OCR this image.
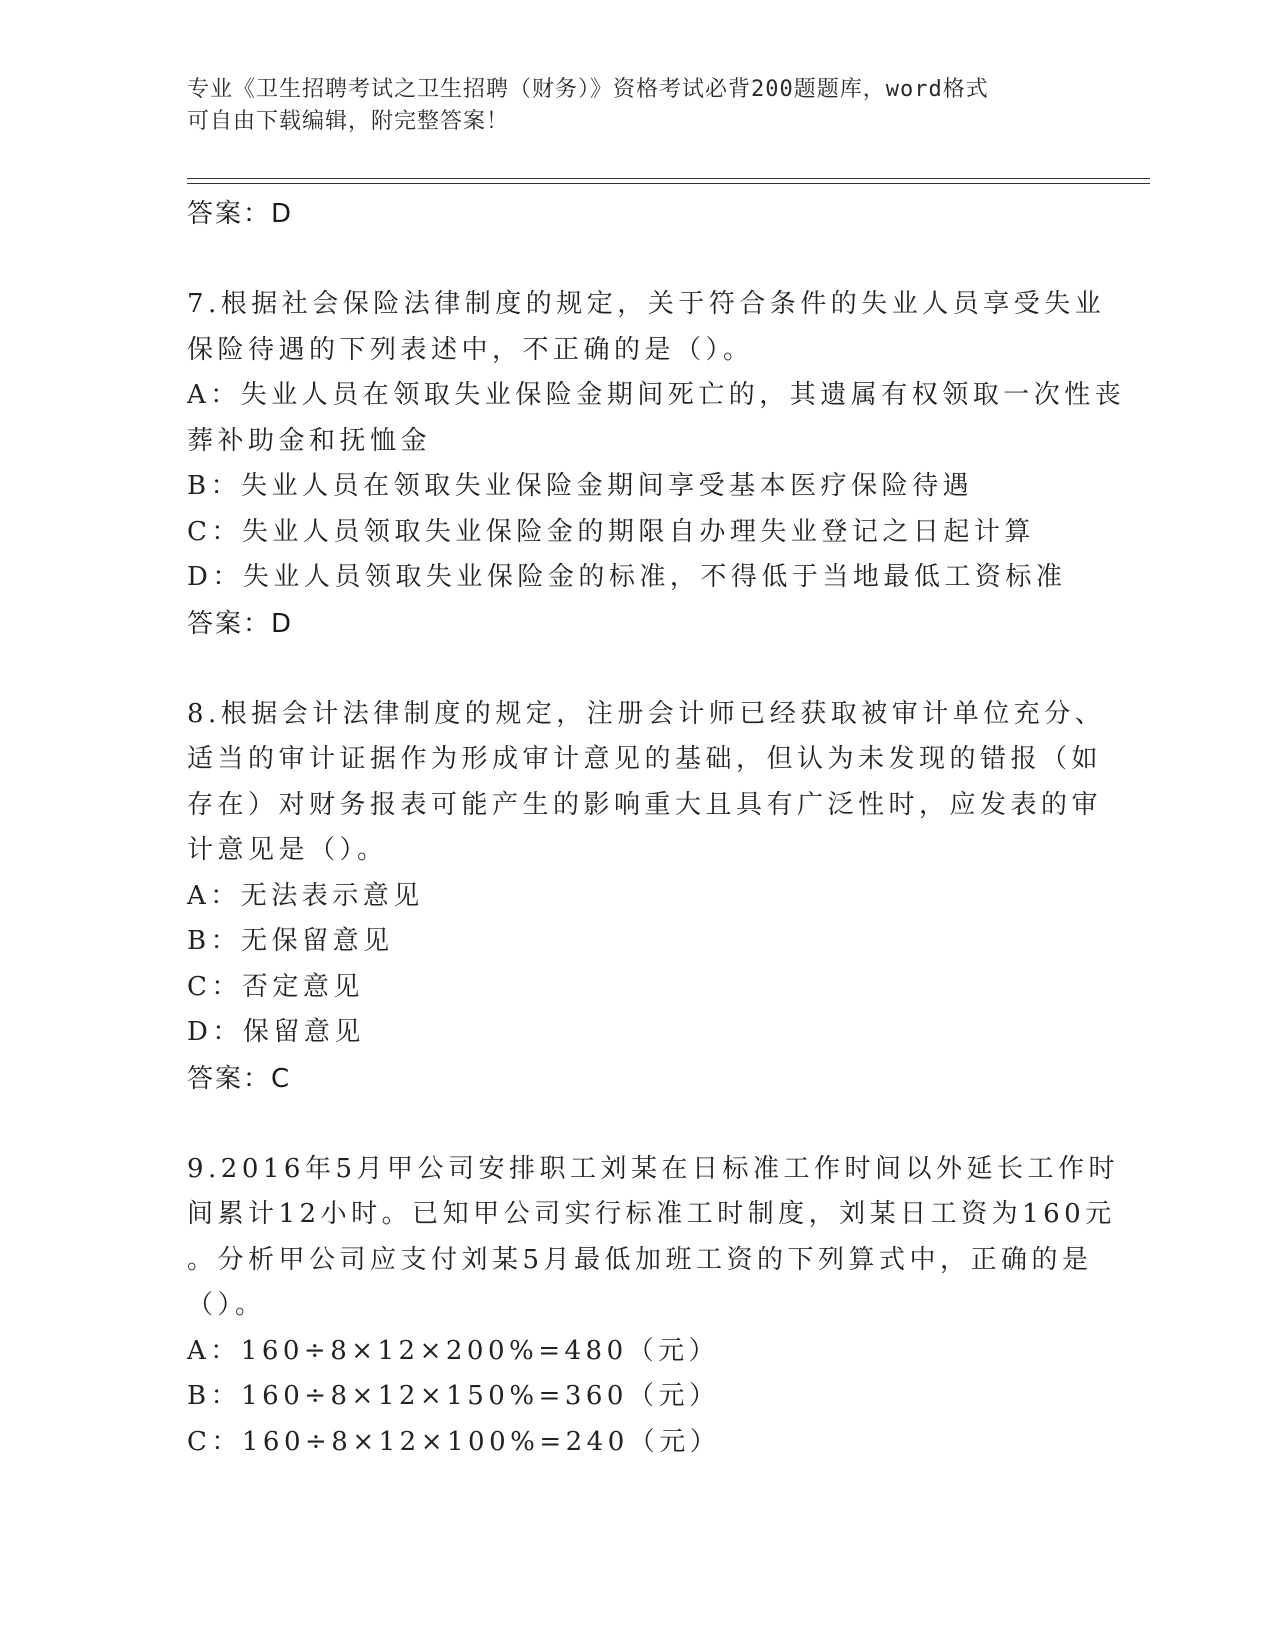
专业《卫生招聘考试之卫生招聘（财务）》资格考试必背200题题库，word格式
可自由下载编辑，附完整答案！
答案：D
7.根据社会保险法律制度的规定，关于符合条件的失业人员享受失业
保险待遇的下列表述中，不正确的是（）。
A：失业人员在领取失业保险金期间死亡的，其遗属有权领取一次性丧
葬补助金和抚恤金
B：失业人员在领取失业保险金期间享受基本医疗保险待遇
C：失业人员领取失业保险金的期限自办理失业登记之日起计算
D：失业人员领取失业保险金的标准，不得低于当地最低工资标准
答案：D
8.根据会计法律制度的规定，注册会计师已经获取被审计单位充分、
适当的审计证据作为形成审计意见的基础，但认为未发现的错报（如
存在）对财务报表可能产生的影响重大且具有广泛性时，应发表的审
计意见是（）。
A：无法表示意见
B：无保留意见
C：否定意见
D：保留意见
答案：C
9.2016年5月甲公司安排职工刘某在日标准工作时间以外延长工作时
间累计12小时。已知甲公司实行标准工时制度，刘某日工资为160元
。分析甲公司应支付刘某5月最低加班工资的下列算式中，正确的是
（）。
A：160÷8×12×200%=480（元）
B：160÷8×12×150%=360（元）
C：160÷8×12×100%=240（元）
